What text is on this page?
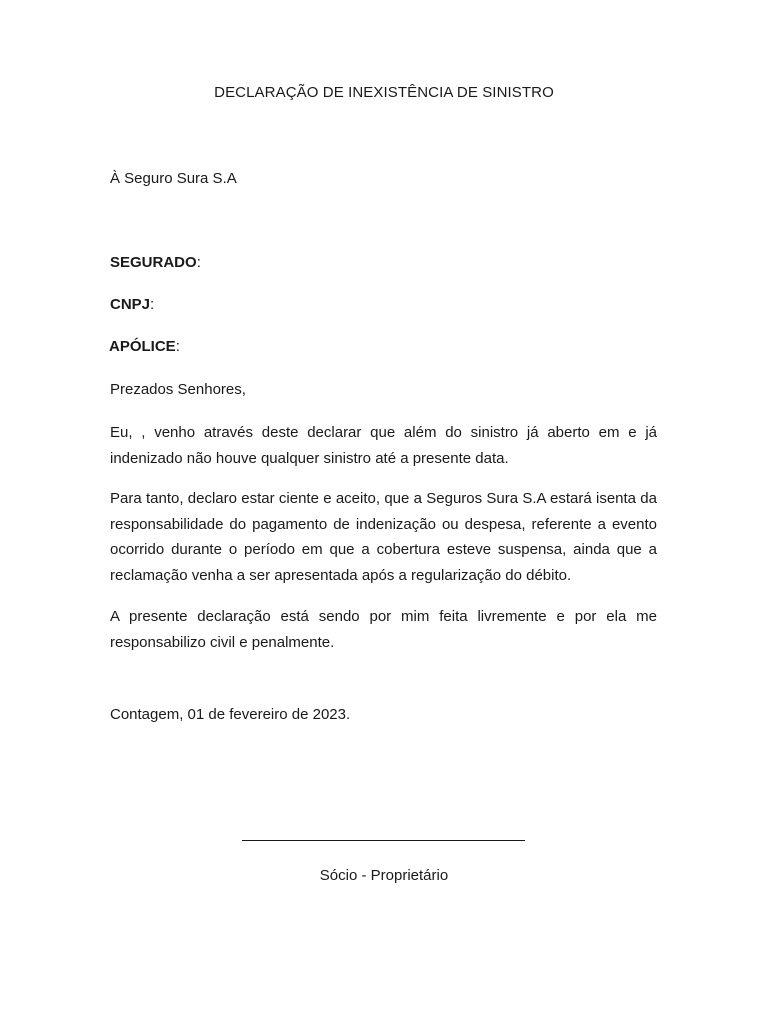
DECLARAÇÃO DE INEXISTÊNCIA DE SINISTRO
À Seguro Sura S.A
SEGURADO:
CNPJ:
APÓLICE:
Prezados Senhores,
Eu, , venho através deste declarar que além do sinistro já aberto em e já indenizado não houve qualquer sinistro até a presente data.
Para tanto, declaro estar ciente e aceito, que a Seguros Sura S.A estará isenta da responsabilidade do pagamento de indenização ou despesa, referente a evento ocorrido durante o período em que a cobertura esteve suspensa, ainda que a reclamação venha a ser apresentada após a regularização do débito.
A presente declaração está sendo por mim feita livremente e por ela me responsabilizo civil e penalmente.
Contagem, 01 de fevereiro de 2023.
Sócio - Proprietário
